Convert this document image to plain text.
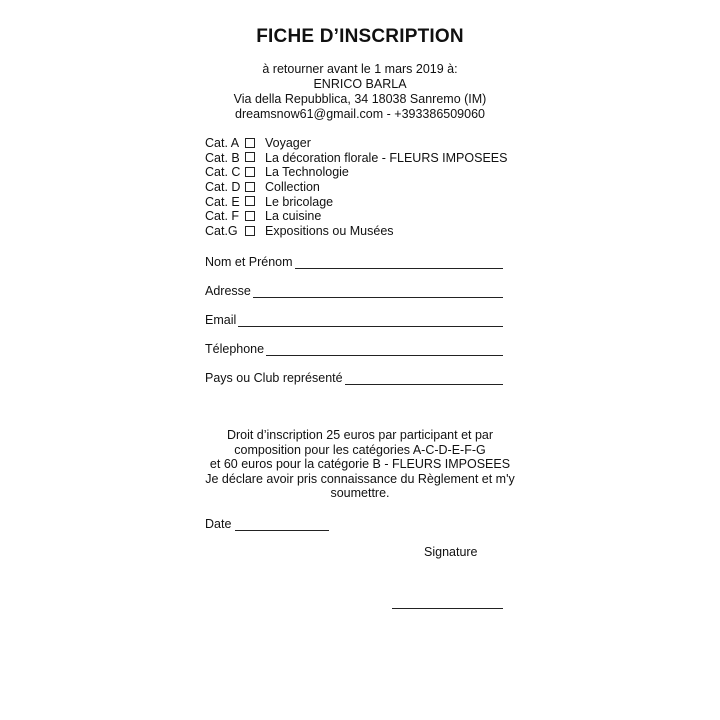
FICHE D’INSCRIPTION
à retourner avant le 1 mars 2019 à:
ENRICO BARLA
Via della Repubblica, 34 18038 Sanremo (IM)
dreamsnow61@gmail.com - +393386509060
Cat. A Voyager
Cat. B La décoration florale - FLEURS IMPOSEES
Cat. C La Technologie
Cat. D Collection
Cat. E Le bricolage
Cat. F La cuisine
Cat.G Expositions ou Musées
Nom et Prénom
Adresse
Email
Télephone
Pays ou Club représenté
Droit d’inscription 25 euros par participant et par
composition pour les catégories A-C-D-E-F-G
et 60 euros pour la catégorie B - FLEURS IMPOSEES
Je déclare avoir pris connaissance du Règlement et m'y
soumettre.
Date
Signature
